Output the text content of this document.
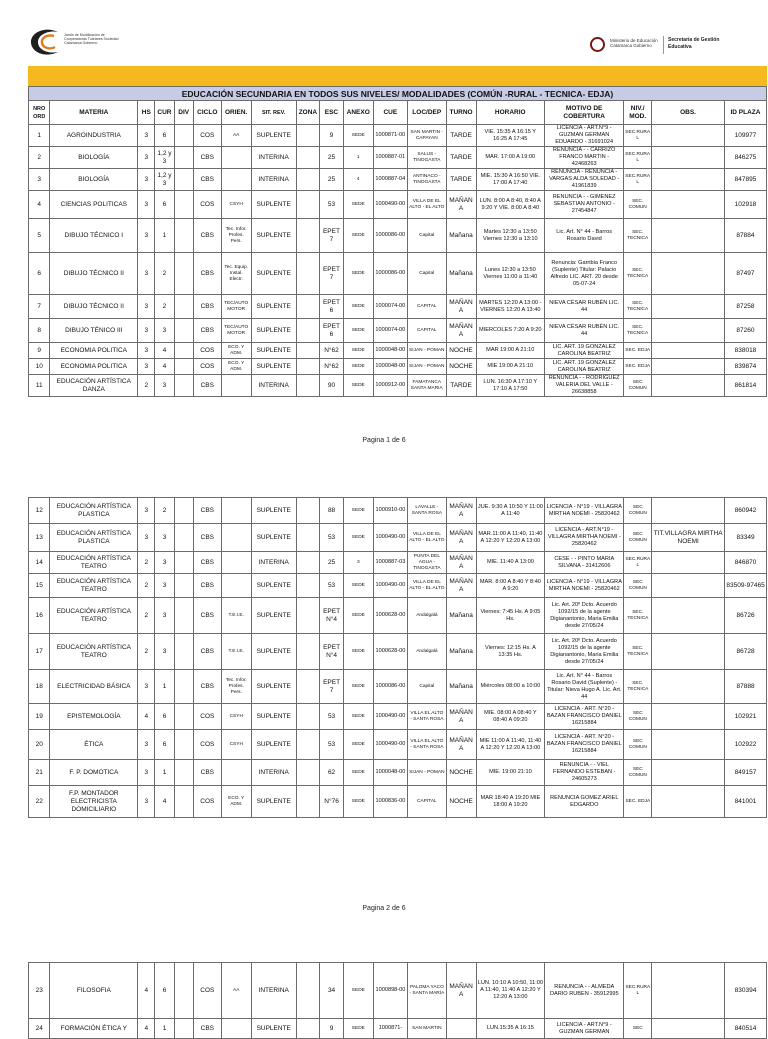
Jardin de Modificación de Cooperadoras Tutelares Sociedad Catamarca Gobierno	Ministerio de Educación Catamarca Gobierno
Secretaría de Gestión Educativa
EDUCACIÓN SECUNDARIA EN TODOS SUS NIVELES/ MODALIDADES (COMÚN -RURAL - TECNICA- EDJA)																		
NRO ORD	MATERIA	HS	CUR	DIV	CICLO	ORIEN.	SIT. REV.	ZONA	ESC	ANEXO	CUE	LOC/DEP	TURNO	HORARIO	MOTIVO DE COBERTURA	NIV./ MOD.	OBS.	ID PLAZA
1	AGROINDUSTRIA	3	6		COS	AA	SUPLENTE		9	SEDE	1000871-00	SAN MARTIN - CAPAYAN	TARDE	VIE. 15:35 A 16:15 Y 16:25 A 17:45	LICENCIA - ART.N°9 - GUZMAN GERMAN EDUARDO - 31691024	SEC.RURAL		109977
2	BIOLOGÍA	3	1,2 y 3		CBS		INTERINA		25	1	1000887-01	SALUS - TINOGASTA	TARDE	MAR. 17:00 A 19:00	RENUNCIA - - CARRIZO FRANCO MARTIN - 42468263	SEC.RURAL		846275
3	BIOLOGÍA	3	1,2 y 3		CBS		INTERINA		25	4	1000887-04	ANTINACO - TINOGASTA	TARDE	MIE. 15:30 A 16:50 VIE. 17:00 A 17:40	RENUNCIA - RENUNCIA - VARGAS ALDA SOLEDAD - 41961839	SEC.RURAL		847895
4	CIENCIAS POLITICAS	3	6		COS	CSYH	SUPLENTE		53	SEDE	1000490-00	VILLA DE EL ALTO - EL ALTO	MAÑANA	LUN. 8:00 A 8:40, 8:40 A 9:20 Y VIE. 8:00 A 8:40	RENUNCIA - - GIMENEZ SEBASTIAN ANTONIO - 27454847	SEC. COMUN		102918
5	DIBUJO TÉCNICO I	3	1		CBS	Tec. Infor. Profes. Pers.	SUPLENTE		EPET 7	SEDE	1000086-00	Capital	Mañana	Martes 12:30 a 13:50 Viernes 12:30 a 13:10	Lic. Art. N° 44 - Barros Rosario David	SEC. TECNICA		87884
6	DIBUJO TÉCNICO II	3	2		CBS	Tec. Equip. Instal. Electr.	SUPLENTE		EPET 7	SEDE	1000086-00	Capital	Mañana	Lunes 12:30 a 13:50 Viernes 11:00 a 11:40	Renuncia: Garribia Franco (Suplente) Titular: Palacio Alfredo LIC. ART. 20 desde 05-07-24	SEC. TECNICA		87497
7	DIBUJO TÉCNICO II	3	2		CBS	TEC/AUTOMOTOR	SUPLENTE		EPET 6	SEDE	1000074-00	CAPITAL	MAÑANA	MARTES 12:20 A 13:00 - VIERNES 12:20 A 13:40	NIEVA CÉSAR RUBÉN LIC. 44	SEC. TECNICA		87258
8	DIBUJO TÉNICO III	3	3		CBS	TEC/AUTOMOTOR	SUPLENTE		EPET 6	SEDE	1000074-00	CAPITAL	MAÑANA	MIERCOLES 7:20 A 9:20	NIEVA CÉSAR RUBÉN LIC. 44	SEC. TECNICA		87260
9	ECONOMIA POLITICA	3	4		COS	ECO. Y ADM.	SUPLENTE		N°62	SEDE	1000048-00	SIJAN - POMAN	NOCHE	MAR 19:00 A 21:10	LIC. ART. 19 GONZALEZ CAROLINA BEATRIZ	SEC. EDJA		838018
10	ECONOMIA POLITICA	3	4		COS	ECO. Y ADM.	SUPLENTE		N°62	SEDE	1000048-00	SIJAN - POMAN	NOCHE	MIE 19:00 A 21:10	LIC. ART. 19 GONZALEZ CAROLINA BEATRIZ	SEC. EDJA		839874
11	EDUCACIÓN ARTÍSTICA DANZA	2	3		CBS		INTERINA		90	SEDE	1000912-00	FAMATANCA SANTA MARIA	TARDE	LUN. 16:30 A 17:10 Y 17:10 A 17:50	RENUNCIA - - RODRIGUEZ VALERIA DEL VALLE - 26638858	SEC COMUN		861814
Pagina 1 de 6
12	EDUCACIÓN ARTÍSTICA PLASTICA	3	2		CBS		SUPLENTE		88	SEDE	1000910-00	LAVALLE - SANTA ROSA	MAÑANA	JUE. 9:30 A 10:50 Y 11:00 A 11:40	LICENCIA - N°19 - VILLAGRA MIRTHA NOEMI - 25820462	SEC COMUN		860942
13	EDUCACIÓN ARTÍSTICA PLASTICA	3	3		CBS		SUPLENTE		53	SEDE	1000490-00	VILLA DE EL ALTO - EL ALTO	MAÑANA	MAR.11:00 A 11:40, 11:40 A 12:20 Y 12:20 A 13:00	LICENCIA - ART.N°19 - VILLAGRA MIRTHA NOEMI - 25820462	SEC COMUN	TIT.VILLAGRA MIRTHA NOEMI	83349
14	EDUCACIÓN ARTÍSTICA TEATRO	2	3		CBS		INTERINA		25	3	1000887-03	PUNTA DEL AGUA - TINOGASTA	MAÑANA	MIE. 11:40 A 13:00	CESE - - PINTO MARIA SILVANA - 31412606	SEC.RURAL		846870
15	EDUCACIÓN ARTÍSTICA TEATRO	2	3		CBS		SUPLENTE		53	SEDE	1000490-00	VILLA DE EL ALTO - EL ALTO	MAÑANA	MAR. 8:00 A 8:40 Y 8:40 A 9:20	LICENCIA - N°19 - VILLAGRA MIRTHA NOEMI - 25820462	SEC COMUN		83509-97465
16	EDUCACIÓN ARTÍSTICA TEATRO	2	3		CBS	T.E.I.E.	SUPLENTE		EPET N°4	SEDE	1000628-00	Andalgalá	Mañana	Viernes: 7:45 Hs. A 9:05 Hs.	Lic. Art. 20º Dcto. Acuerdo 1092/15 de la agente Digianantonio, Maria Emilia desde 27/05/24	SEC. TECNICA		86726
17	EDUCACIÓN ARTÍSTICA TEATRO	2	3		CBS	T.E.I.E.	SUPLENTE		EPET N°4	SEDE	1000628-00	Andalgalá	Mañana	Viernes: 12:15 Hs. A 13:35 Hs.	Lic. Art. 20º Dcto. Acuerdo 1092/15 de la agente Digianantonio, Maria Emilia desde 27/05/24	SEC. TECNICA		86728
18	ELECTRICIDAD BÁSICA	3	1		CBS	Tec. Infor. Profes. Pers.	SUPLENTE		EPET 7	SEDE	1000086-00	Capital	Mañana	Miércoles 08:00 a 10:00	Lic. Art. N° 44 - Barros Rosario David (Suplente) - Titular: Nieva Hugo A. Lic. Art. 44	SEC. TECNICA		87888
19	EPISTEMOLOGÍA	4	6		COS	CSYH	SUPLENTE		53	SEDE	1000490-00	VILLA EL ALTO - SANTA ROSA	MAÑANA	MIE. 08:00 A 08:40 Y 08:40 A 09:20	LICENCIA - ART. N°20 - BAZAN FRANCISCO DANIEL 16215884	SEC COMUN		102921
20	ÉTICA	3	6		COS	CSYH	SUPLENTE		53	SEDE	1000490-00	VILLA EL ALTO - SANTA ROSA	MAÑANA	MIE 11:00 A 11:40, 11:40 A 12:20 Y 12:20 A 13:00	LICENCIA - ART. N°20 - BAZAN FRANCISCO DANIEL 16215884	SEC COMUN		102922
21	F. P. DOMOTICA	3	1		CBS		INTERINA		62	SEDE	1000048-00	SIJAN - POMAN	NOCHE	MIE. 19:00 21:10	RENUNCIA - - VIEL FERNANDO ESTEBAN - 24605273	SEC COMUN		849157
22	F.P. MONTADOR ELECTRICISTA DOMICILIARIO	3	4		COS	ECO. Y ADM.	SUPLENTE		N°76	SEDE	1000836-00	CAPITAL	NOCHE	MAR 18:40 A 19:20 MIE 18:00 A 19:20	RENUNCIA GOMEZ ARIEL EDGARDO	SEC. EDJA		841001
Pagina 2 de 6
23	FILOSOFIA	4	6		COS	AA	INTERINA		34	SEDE	1000898-00	PALOMA YACO - SANTA MARÍA	MAÑANA	LUN. 10:10 A 10:50, 11:00 A 11:40, 11:40 A 12:20 Y 12:20 A 13:00	RENUNCIA - - ALMEDA DARIO RUBEN - 35912995	SEC.RURAL		830394
24	FORMACIÓN ÉTICA Y	4	1		CBS		SUPLENTE		9	SEDE	1000871-	SAN MARTIN		LUN.15:35 A 16:15	LICENCIA - ART.N°9 - GUZMAN GERMAN	SEC		840514
